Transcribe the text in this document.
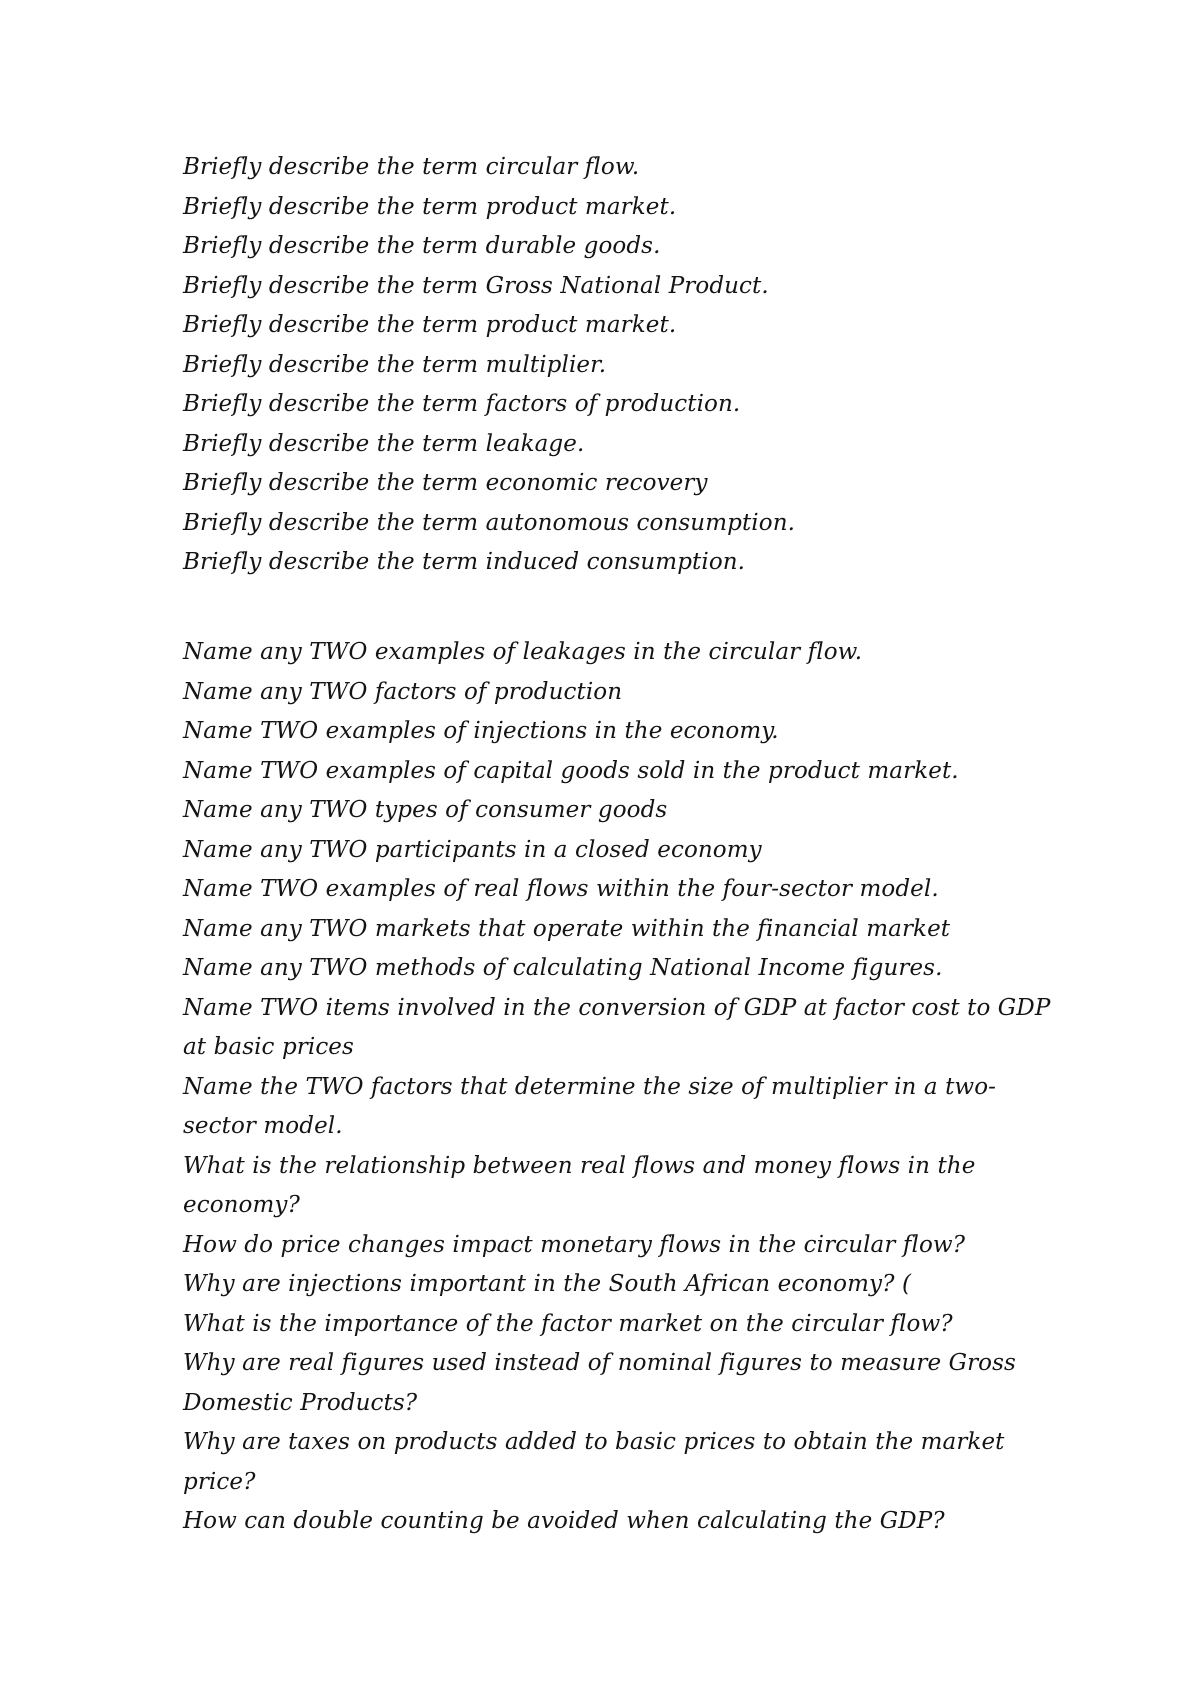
Briefly describe the term circular flow.
Briefly describe the term product market.
Briefly describe the term durable goods.
Briefly describe the term Gross National Product.
Briefly describe the term product market.
Briefly describe the term multiplier.
Briefly describe the term factors of production.
Briefly describe the term leakage.
Briefly describe the term economic recovery
Briefly describe the term autonomous consumption.
Briefly describe the term induced consumption.
Name any TWO examples of leakages in the circular flow.
Name any TWO factors of production
Name TWO examples of injections in the economy.
Name TWO examples of capital goods sold in the product market.
Name any TWO types of consumer goods
Name any TWO participants in a closed economy
Name TWO examples of real flows within the four-sector model.
Name any TWO markets that operate within the financial market
Name any TWO methods of calculating National Income figures.
Name TWO items involved in the conversion of GDP at factor cost to GDP
at basic prices
Name the TWO factors that determine the size of multiplier in a two-
sector model.
What is the relationship between real flows and money flows in the
economy?
How do price changes impact monetary flows in the circular flow?
Why are injections important in the South African economy? (
What is the importance of the factor market on the circular flow?
Why are real figures used instead of nominal figures to measure Gross
Domestic Products?
Why are taxes on products added to basic prices to obtain the market
price?
How can double counting be avoided when calculating the GDP?
